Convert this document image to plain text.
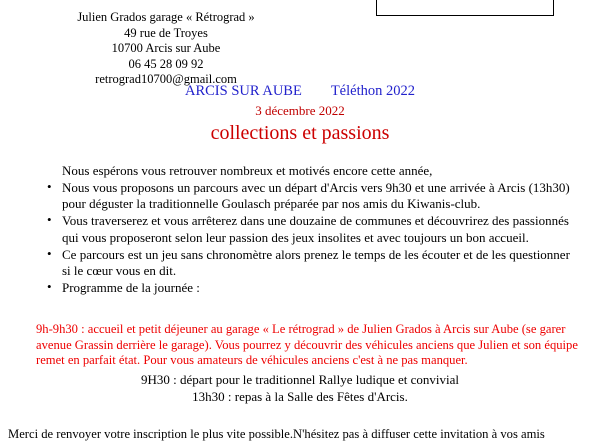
Julien Grados garage « Rétrograd »
49 rue de Troyes
10700 Arcis sur Aube
06 45 28 09 92
retrograd10700@gmail.com
ARCIS SUR AUBE Téléthon 2022
3 décembre 2022
collections et passions
Nous espérons vous retrouver nombreux et motivés encore cette année,
• Nous vous proposons un parcours avec un départ d'Arcis vers 9h30 et une arrivée à Arcis (13h30) pour déguster la traditionnelle Goulasch préparée par nos amis du Kiwanis-club.
• Vous traverserez et vous arrêterez dans une douzaine de communes et découvrirez des passionnés qui vous proposeront selon leur passion des jeux insolites et avec toujours un bon accueil.
• Ce parcours est un jeu sans chronomètre alors prenez le temps de les écouter et de les questionner si le cœur vous en dit.
• Programme de la journée :
9h-9h30 : accueil et petit déjeuner au garage « Le rétrograd » de Julien Grados à Arcis sur Aube (se garer avenue Grassin derrière le garage). Vous pourrez y découvrir des véhicules anciens que Julien et son équipe remet en parfait état. Pour vous amateurs de véhicules anciens c'est à ne pas manquer.
9H30 : départ pour le traditionnel Rallye ludique et convivial
13h30 : repas à la Salle des Fêtes d'Arcis.
Merci de renvoyer votre inscription le plus vite possible.N'hésitez pas à diffuser cette invitation à vos amis
